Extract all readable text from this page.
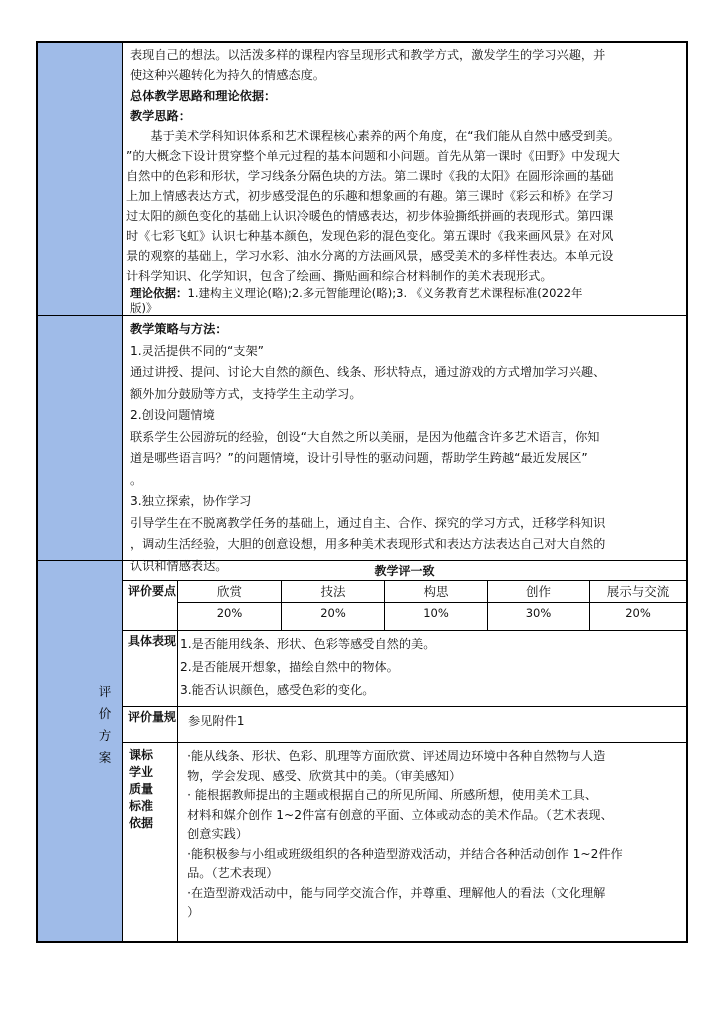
表现自己的想法。以活泼多样的课程内容呈现形式和教学方式，激发学生的学习兴趣，并

使这种兴趣转化为持久的情感态度。

总体教学思路和理论依据：

教学思路：

基于美术学科知识体系和艺术课程核心素养的两个角度，在“我们能从自然中感受到美。

”的大概念下设计贯穿整个单元过程的基本问题和小问题。首先从第一课时《田野》中发现大

自然中的色彩和形状，学习线条分隔色块的方法。第二课时《我的太阳》在圆形涂画的基础

上加上情感表达方式，初步感受混色的乐趣和想象画的有趣。第三课时《彩云和桥》在学习

过太阳的颜色变化的基础上认识冷暖色的情感表达，初步体验撕纸拼画的表现形式。第四课

时《七彩飞虹》认识七种基本颜色，发现色彩的混色变化。第五课时《我来画风景》在对风

景的观察的基础上，学习水彩、油水分离的方法画风景，感受美术的多样性表达。本单元设

计科学知识、化学知识，包含了绘画、撕贴画和综合材料制作的美术表现形式。

理论依据：1.建构主义理论(略);2.多元智能理论(略);3. 《义务教育艺术课程标准(2022年

版)》

教学策略与方法：

1.灵活提供不同的“支架”

通过讲授、提问、讨论大自然的颜色、线条、形状特点，通过游戏的方式增加学习兴趣、

额外加分鼓励等方式，支持学生主动学习。

2.创设问题情境

联系学生公园游玩的经验，创设“大自然之所以美丽，是因为他蕴含许多艺术语言，你知

道是哪些语言吗？”的问题情境，设计引导性的驱动问题，帮助学生跨越“最近发展区”

。

3.独立探索，协作学习

引导学生在不脱离教学任务的基础上，通过自主、合作、探究的学习方式，迁移学科知识

，调动生活经验，大胆的创意设想，用多种美术表现形式和表达方法表达自己对大自然的

认识和情感表达。

评
价
方
案
教学评一致
评价要点	欣赏
20%
技法
20%
构思
10%
创作
30%
展示与交流
20%
具体表现 1.是否能用线条、形状、色彩等感受自然的美。
2.是否能展开想象，描绘自然中的物体。
3.能否认识颜色，感受色彩的变化。
评价量规 参见附件1
课标
学业
质量
标准
依据

·能从线条、形状、色彩、肌理等方面欣赏、评述周边环境中各种自然物与人造

物，学会发现、感受、欣赏其中的美。（审美感知）

· 能根据教师提出的主题或根据自己的所见所闻、所感所想，使用美术工具、

材料和媒介创作 1~2件富有创意的平面、立体或动态的美术作品。（艺术表现、

创意实践）

·能积极参与小组或班级组织的各种造型游戏活动，并结合各种活动创作 1~2件作

品。（艺术表现）

·在造型游戏活动中，能与同学交流合作，并尊重、理解他人的看法（文化理解

）
